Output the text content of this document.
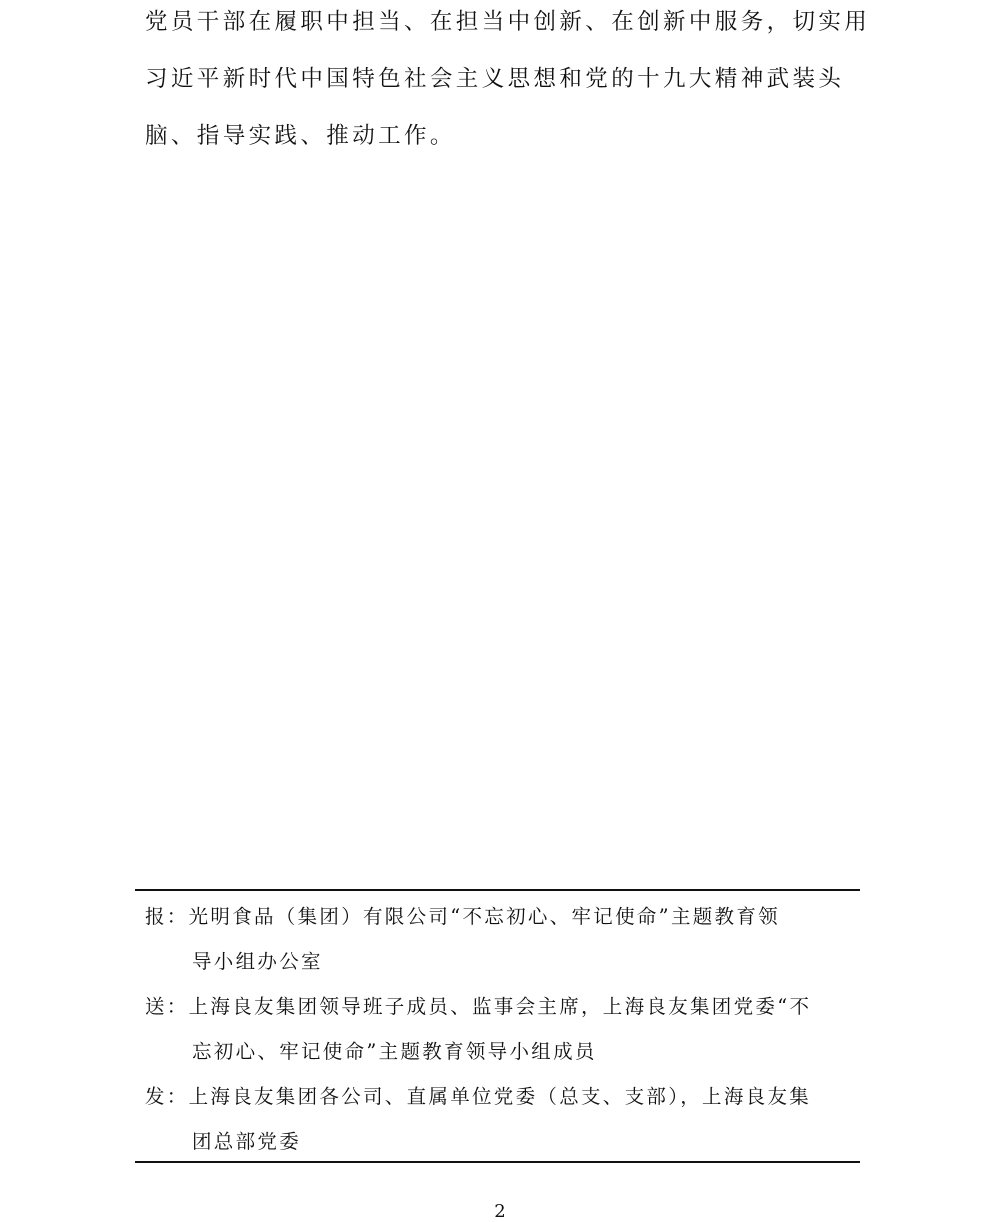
党员干部在履职中担当、在担当中创新、在创新中服务，切实用
习近平新时代中国特色社会主义思想和党的十九大精神武装头
脑、指导实践、推动工作。
报：光明食品（集团）有限公司“不忘初心、牢记使命”主题教育领
导小组办公室
送：上海良友集团领导班子成员、监事会主席，上海良友集团党委“不
忘初心、牢记使命”主题教育领导小组成员
发：上海良友集团各公司、直属单位党委（总支、支部），上海良友集
团总部党委
2
